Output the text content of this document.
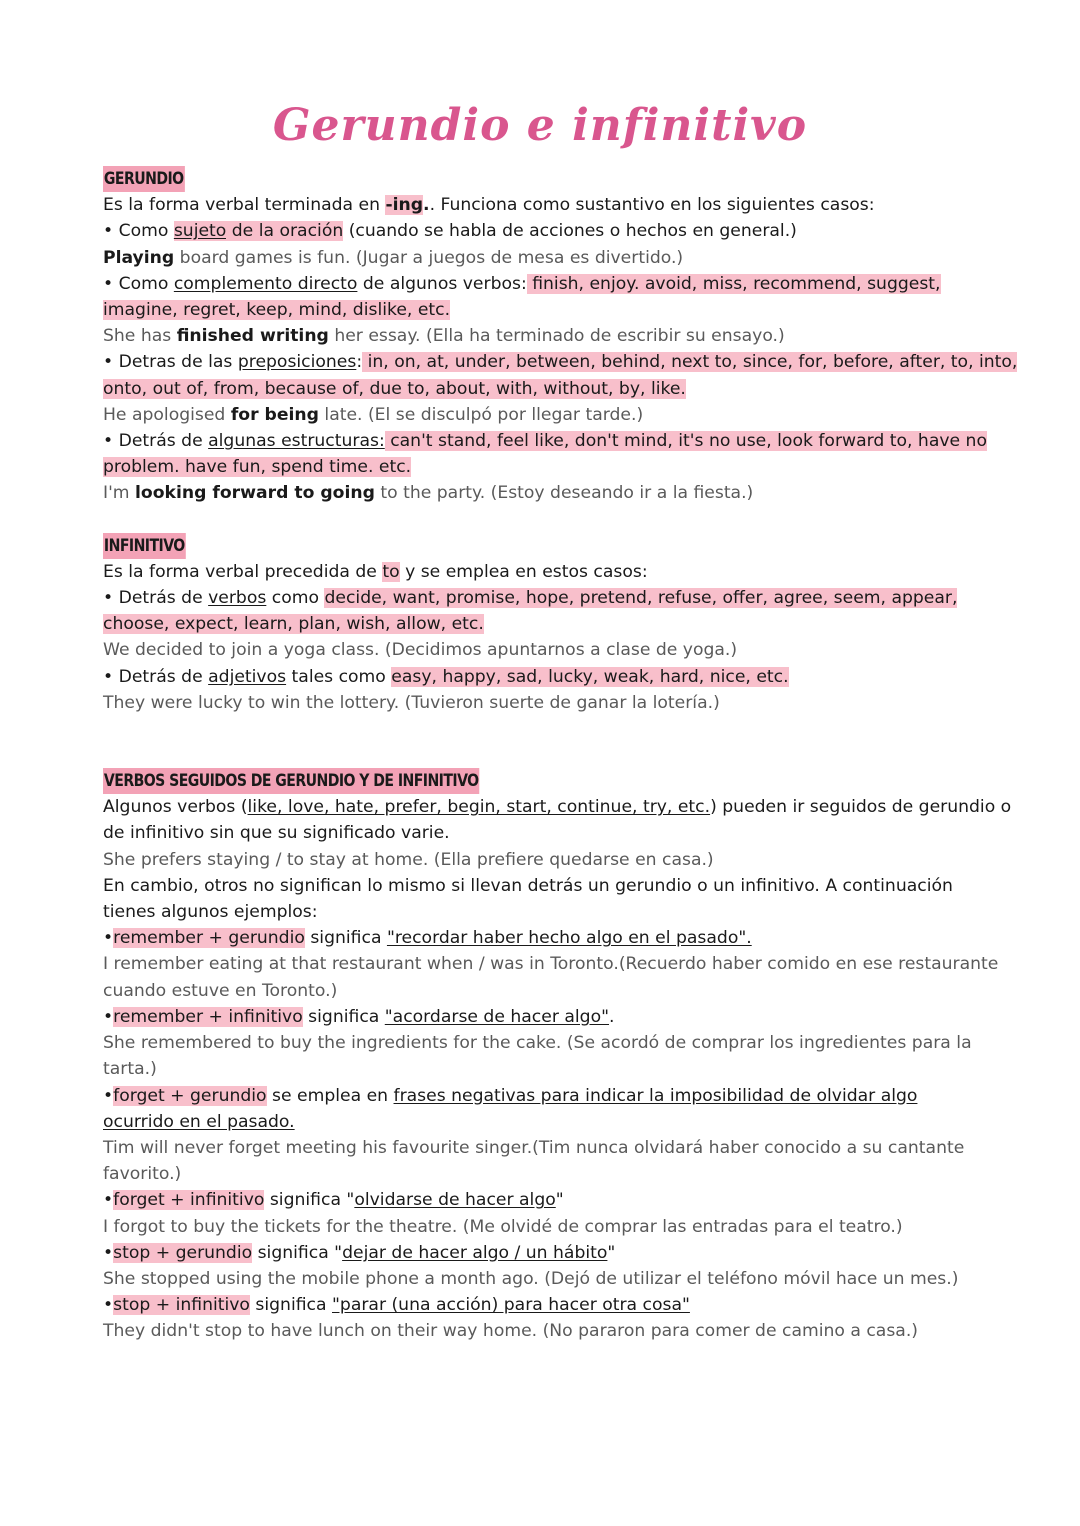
Gerundio e infinitivo
GERUNDIO
Es la forma verbal terminada en -ing.. Funciona como sustantivo en los siguientes casos:
• Como sujeto de la oración (cuando se habla de acciones o hechos en general.)
Playing board games is fun. (Jugar a juegos de mesa es divertido.)
• Como complemento directo de algunos verbos: finish, enjoy. avoid, miss, recommend, suggest,
imagine, regret, keep, mind, dislike, etc.
She has finished writing her essay. (Ella ha terminado de escribir su ensayo.)
• Detras de las preposiciones: in, on, at, under, between, behind, next to, since, for, before, after, to, into,
onto, out of, from, because of, due to, about, with, without, by, like.
He apologised for being late. (El se disculpó por llegar tarde.)
• Detrás de algunas estructuras: can't stand, feel like, don't mind, it's no use, look forward to, have no
problem. have fun, spend time. etc.
I'm looking forward to going to the party. (Estoy deseando ir a la fiesta.)
INFINITIVO
Es la forma verbal precedida de to y se emplea en estos casos:
• Detrás de verbos como decide, want, promise, hope, pretend, refuse, offer, agree, seem, appear,
choose, expect, learn, plan, wish, allow, etc.
We decided to join a yoga class. (Decidimos apuntarnos a clase de yoga.)
• Detrás de adjetivos tales como easy, happy, sad, lucky, weak, hard, nice, etc.
They were lucky to win the lottery. (Tuvieron suerte de ganar la lotería.)
VERBOS SEGUIDOS DE GERUNDIO Y DE INFINITIVO
Algunos verbos (like, love, hate, prefer, begin, start, continue, try, etc.) pueden ir seguidos de gerundio o
de infinitivo sin que su significado varie.
She prefers staying / to stay at home. (Ella prefiere quedarse en casa.)
En cambio, otros no significan lo mismo si llevan detrás un gerundio o un infinitivo. A continuación
tienes algunos ejemplos:
•remember + gerundio significa "recordar haber hecho algo en el pasado".
I remember eating at that restaurant when / was in Toronto.(Recuerdo haber comido en ese restaurante
cuando estuve en Toronto.)
•remember + infinitivo significa "acordarse de hacer algo".
She remembered to buy the ingredients for the cake. (Se acordó de comprar los ingredientes para la
tarta.)
•forget + gerundio se emplea en frases negativas para indicar la imposibilidad de olvidar algo
ocurrido en el pasado.
Tim will never forget meeting his favourite singer.(Tim nunca olvidará haber conocido a su cantante
favorito.)
•forget + infinitivo significa "olvidarse de hacer algo"
I forgot to buy the tickets for the theatre. (Me olvidé de comprar las entradas para el teatro.)
•stop + gerundio significa "dejar de hacer algo / un hábito"
She stopped using the mobile phone a month ago. (Dejó de utilizar el teléfono móvil hace un mes.)
•stop + infinitivo significa "parar (una acción) para hacer otra cosa"
They didn't stop to have lunch on their way home. (No pararon para comer de camino a casa.)
